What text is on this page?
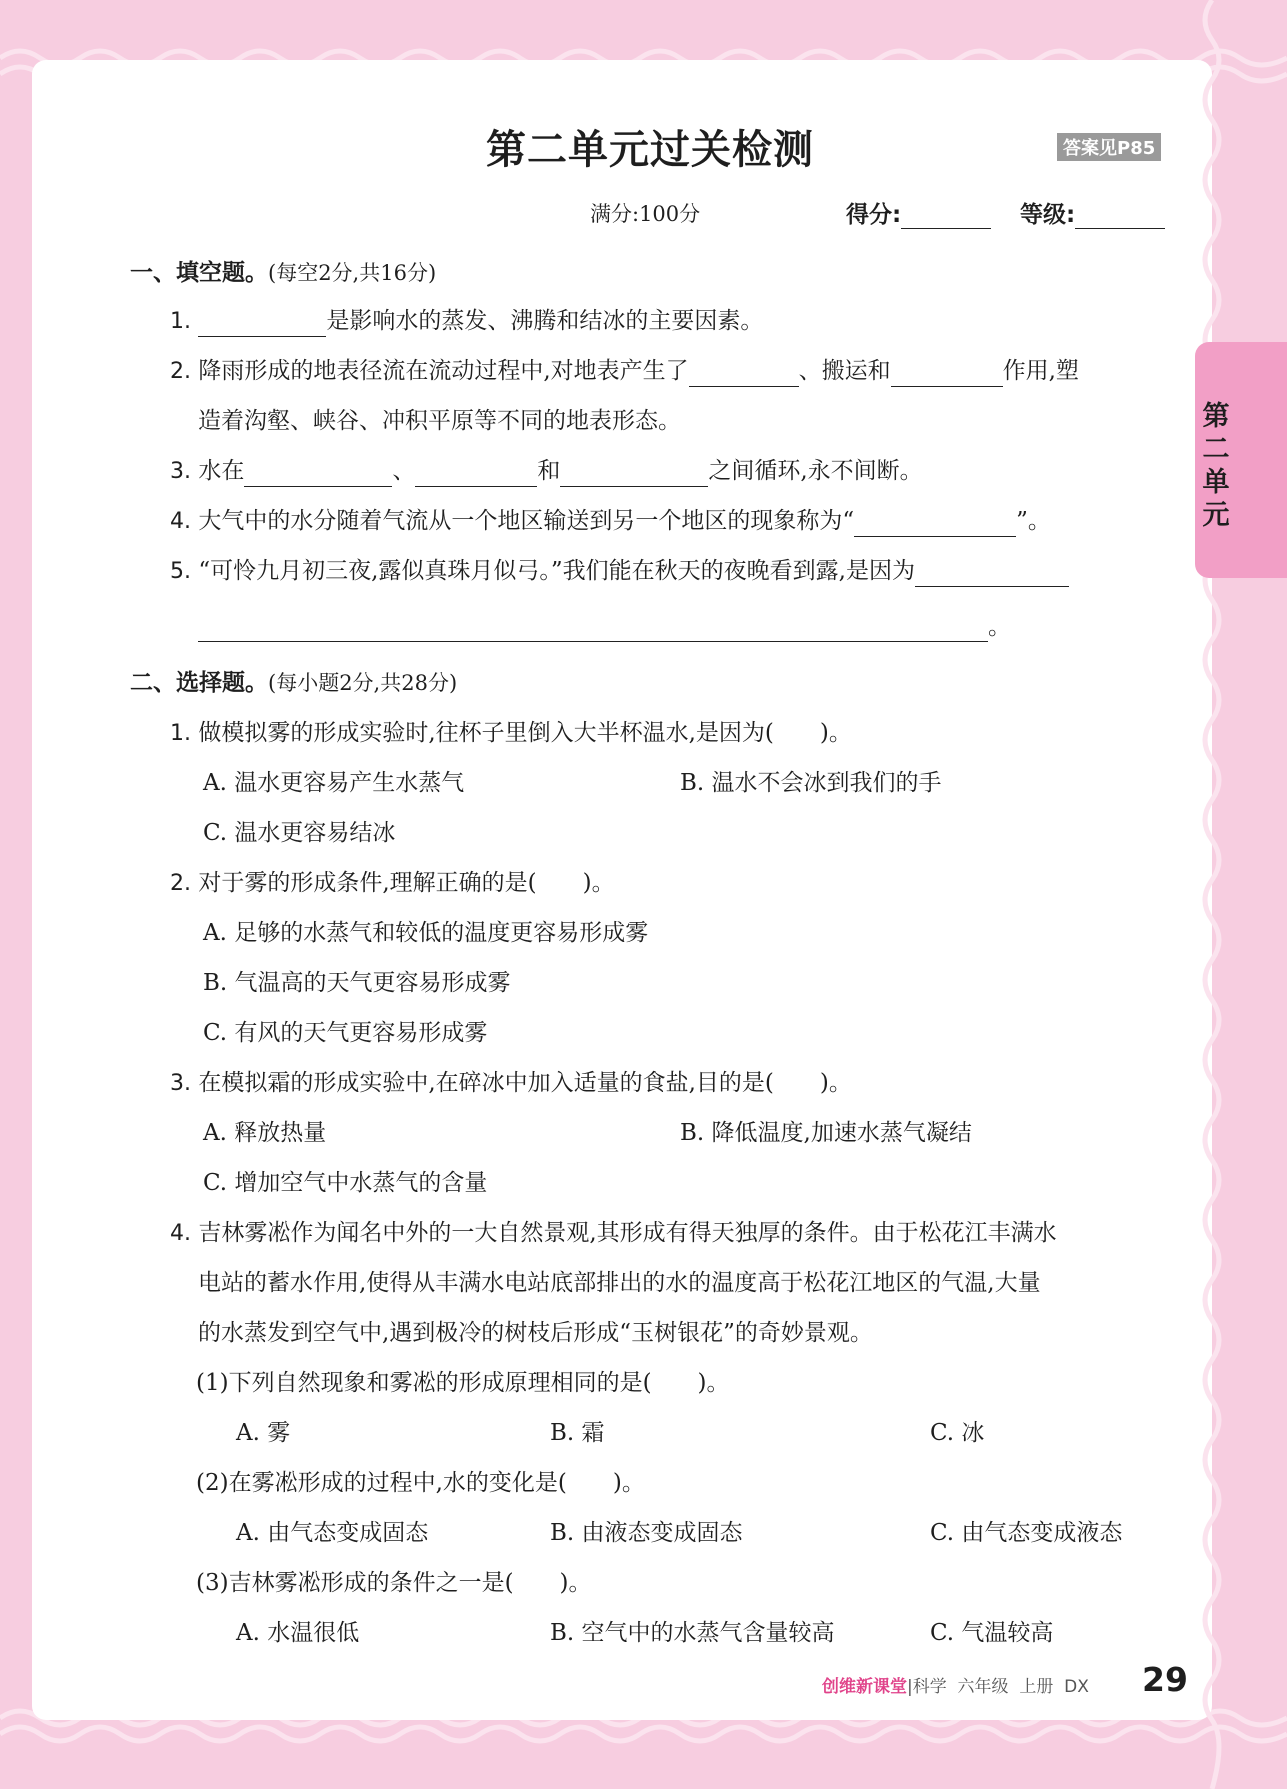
第二单元过关检测	答案见P85
满分:100分	得分:	等级:
第二单元
一、填空题。(每空2分,共16分)
1.	是影响水的蒸发、沸腾和结冰的主要因素。
2. 降雨形成的地表径流在流动过程中,对地表产生了	、搬运和	作用,塑
造着沟壑、峡谷、冲积平原等不同的地表形态。
3. 水在	、	和	之间循环,永不间断。
4. 大气中的水分随着气流从一个地区输送到另一个地区的现象称为“	”。
5. “可怜九月初三夜,露似真珠月似弓。”我们能在秋天的夜晚看到露,是因为
。
二、选择题。(每小题2分,共28分)
1. 做模拟雾的形成实验时,往杯子里倒入大半杯温水,是因为(　　)。
A. 温水更容易产生水蒸气	B. 温水不会冰到我们的手
C. 温水更容易结冰
2. 对于雾的形成条件,理解正确的是(　　)。
A. 足够的水蒸气和较低的温度更容易形成雾
B. 气温高的天气更容易形成雾
C. 有风的天气更容易形成雾
3. 在模拟霜的形成实验中,在碎冰中加入适量的食盐,目的是(　　)。
A. 释放热量	B. 降低温度,加速水蒸气凝结
C. 增加空气中水蒸气的含量
4. 吉林雾凇作为闻名中外的一大自然景观,其形成有得天独厚的条件。由于松花江丰满水
电站的蓄水作用,使得从丰满水电站底部排出的水的温度高于松花江地区的气温,大量
的水蒸发到空气中,遇到极冷的树枝后形成“玉树银花”的奇妙景观。
(1)下列自然现象和雾凇的形成原理相同的是(　　)。
A. 雾	B. 霜	C. 冰
(2)在雾凇形成的过程中,水的变化是(　　)。
A. 由气态变成固态	B. 由液态变成固态	C. 由气态变成液态
(3)吉林雾凇形成的条件之一是(　　)。
A. 水温很低	B. 空气中的水蒸气含量较高	C. 气温较高
创维新课堂|科学 六年级 上册 DX 29
